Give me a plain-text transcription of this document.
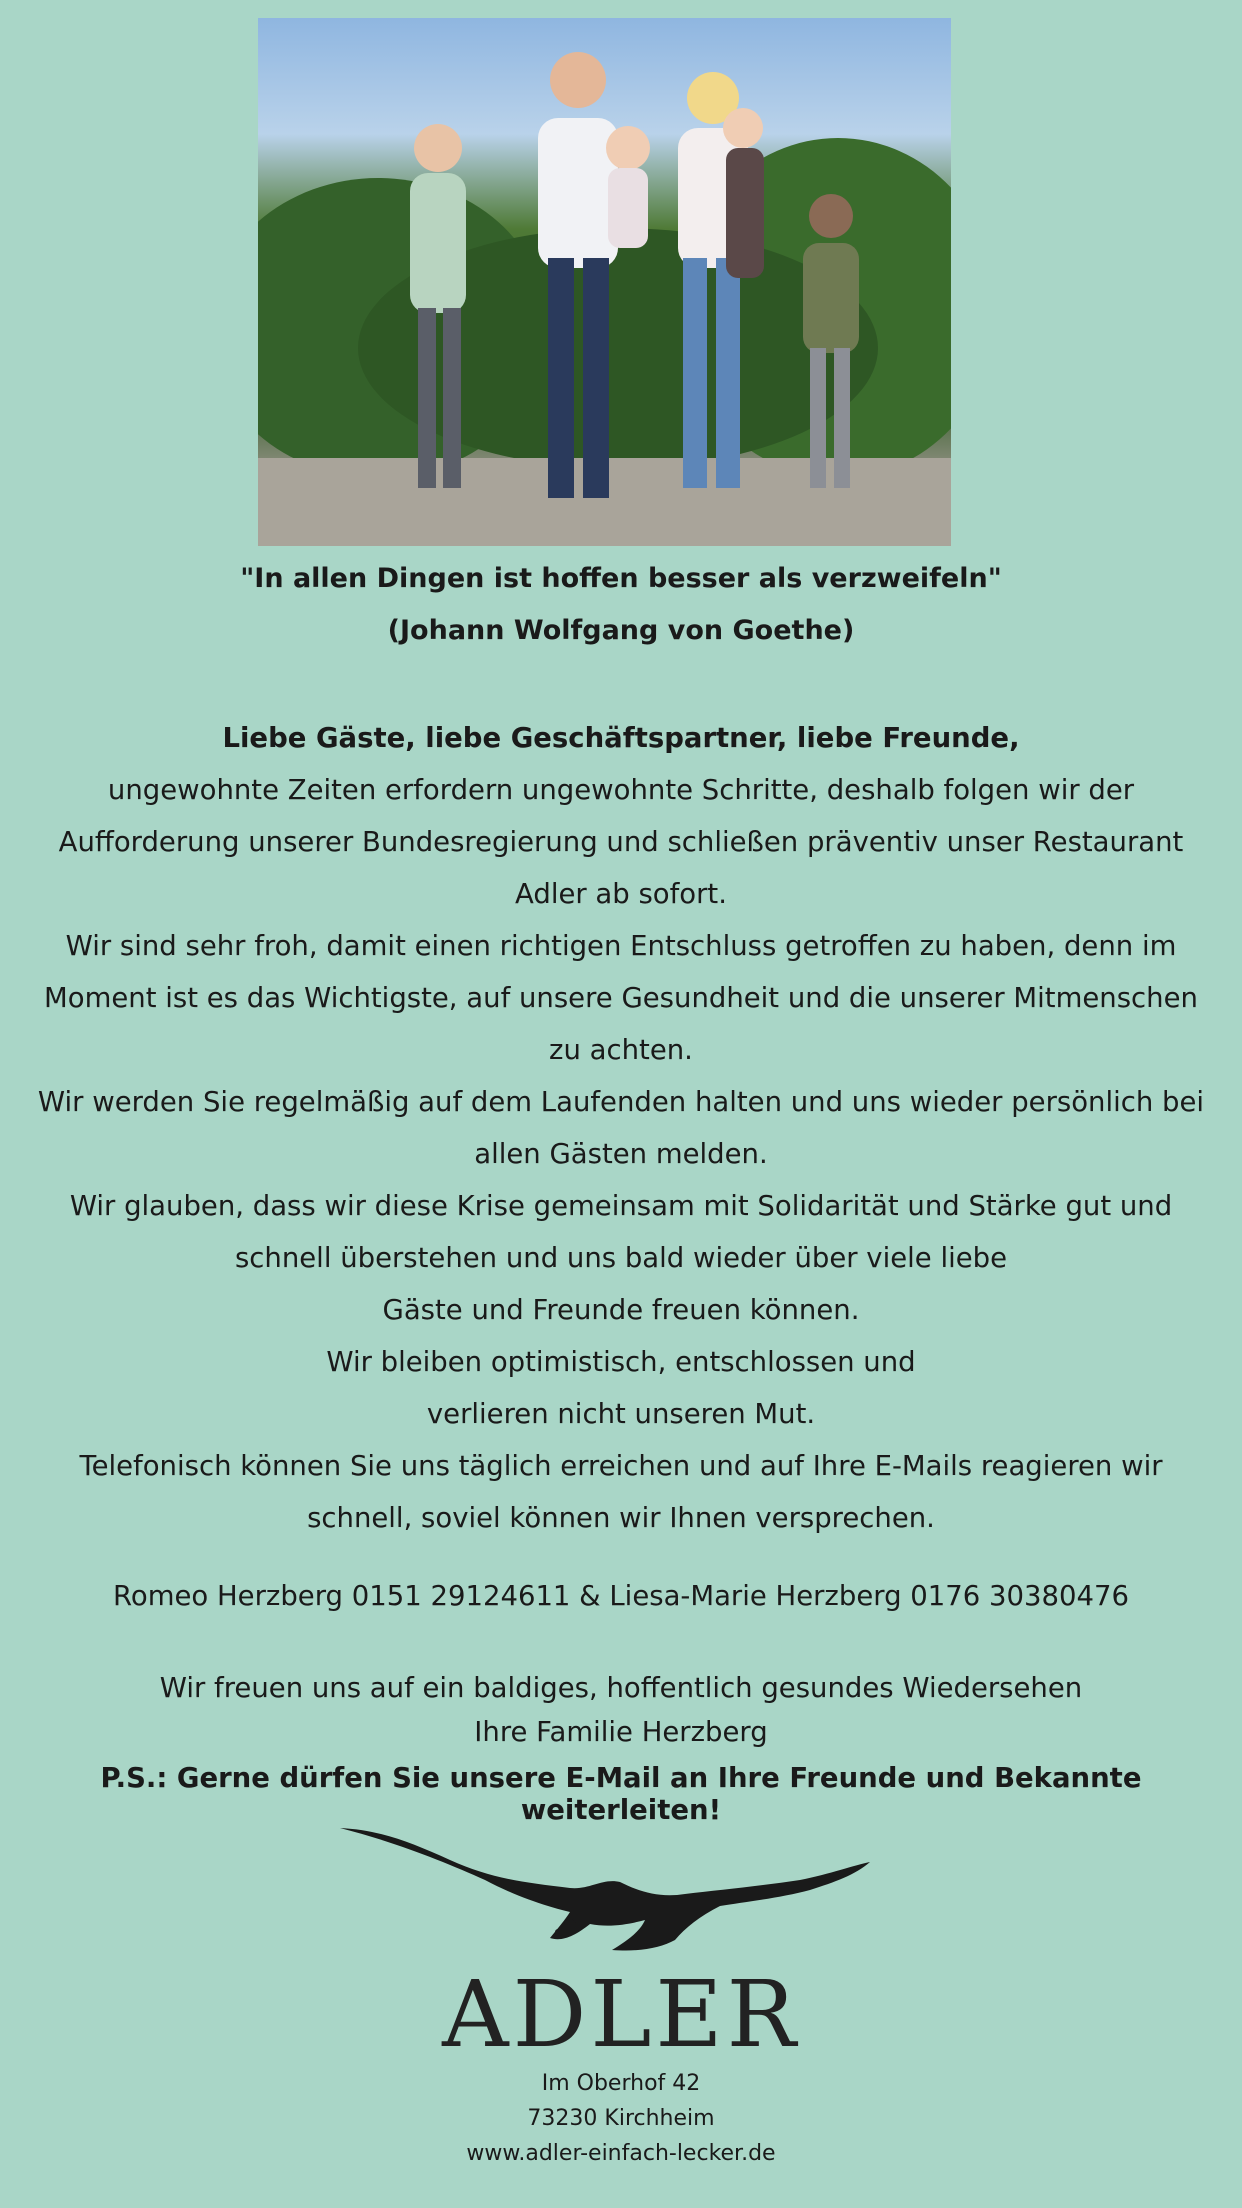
"In allen Dingen ist hoffen besser als verzweifeln"
(Johann Wolfgang von Goethe)

Liebe Gäste, liebe Geschäftspartner, liebe Freunde,

ungewohnte Zeiten erfordern ungewohnte Schritte, deshalb folgen wir der

Aufforderung unserer Bundesregierung und schließen präventiv unser Restaurant

Adler ab sofort.

Wir sind sehr froh, damit einen richtigen Entschluss getroffen zu haben, denn im

Moment ist es das Wichtigste, auf unsere Gesundheit und die unserer Mitmenschen

zu achten.

Wir werden Sie regelmäßig auf dem Laufenden halten und uns wieder persönlich bei

allen Gästen melden.

Wir glauben, dass wir diese Krise gemeinsam mit Solidarität und Stärke gut und

schnell überstehen und uns bald wieder über viele liebe

Gäste und Freunde freuen können.

Wir bleiben optimistisch, entschlossen und

verlieren nicht unseren Mut.

Telefonisch können Sie uns täglich erreichen und auf Ihre E-Mails reagieren wir

schnell, soviel können wir Ihnen versprechen.

Romeo Herzberg 0151 29124611 & Liesa-Marie Herzberg 0176 30380476
Wir freuen uns auf ein baldiges, hoffentlich gesundes Wiedersehen
Ihre Familie Herzberg
P.S.: Gerne dürfen Sie unsere E-Mail an Ihre Freunde und Bekannte weiterleiten!
ADLER
Im Oberhof 42
73230 Kirchheim
www.adler-einfach-lecker.de
